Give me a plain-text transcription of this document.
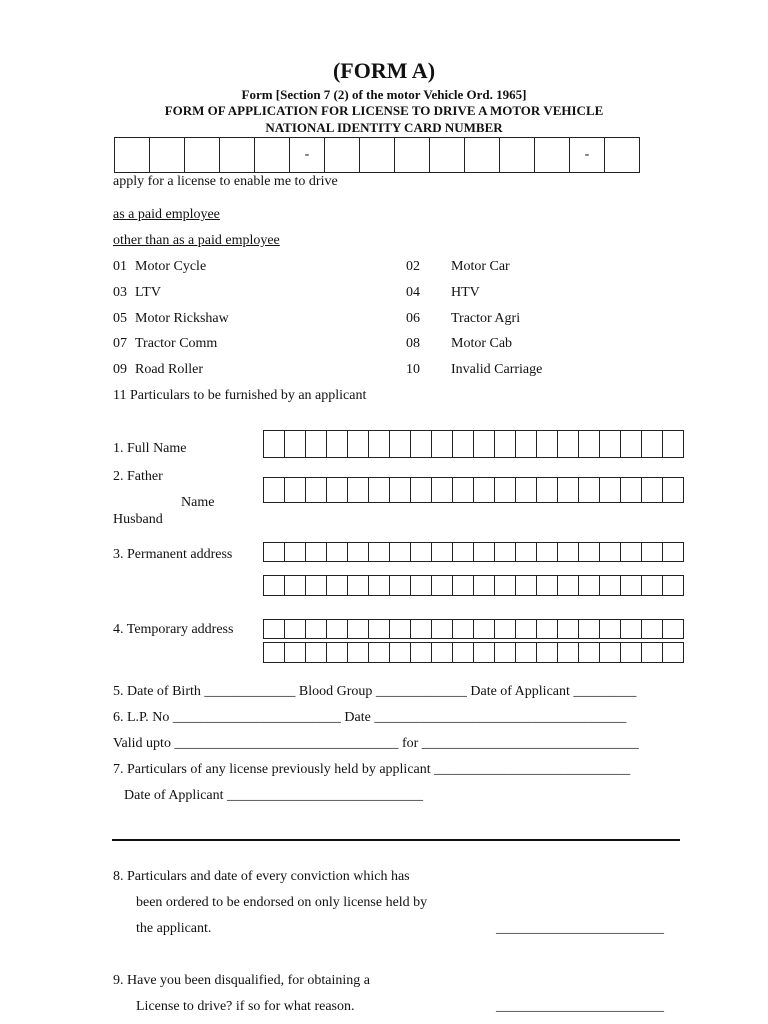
(FORM A)
Form [Section 7 (2) of the motor Vehicle Ord. 1965]
FORM OF APPLICATION FOR LICENSE TO DRIVE A MOTOR VEHICLE
NATIONAL IDENTITY CARD NUMBER
-	-
apply for a license to enable me to drive
as a paid employee
other than as a paid employee
01 Motor Cycle	02 Motor Car
03 LTV	04 HTV
05 Motor Rickshaw	06 Tractor Agri
07 Tractor Comm	08 Motor Cab
09 Road Roller	10 Invalid Carriage
11 Particulars to be furnished by an applicant
1. Full Name
2. Father
Name
Husband
3. Permanent address
4. Temporary address
5. Date of Birth _____________ Blood Group _____________ Date of Applicant _________
6. L.P. No ________________________ Date ____________________________________
Valid upto ________________________________ for _______________________________
7. Particulars of any license previously held by applicant ____________________________
Date of Applicant ____________________________
8. Particulars and date of every conviction which has
been ordered to be endorsed on only license held by
the applicant.	________________________
9. Have you been disqualified, for obtaining a
License to drive? if so for what reason.	________________________
